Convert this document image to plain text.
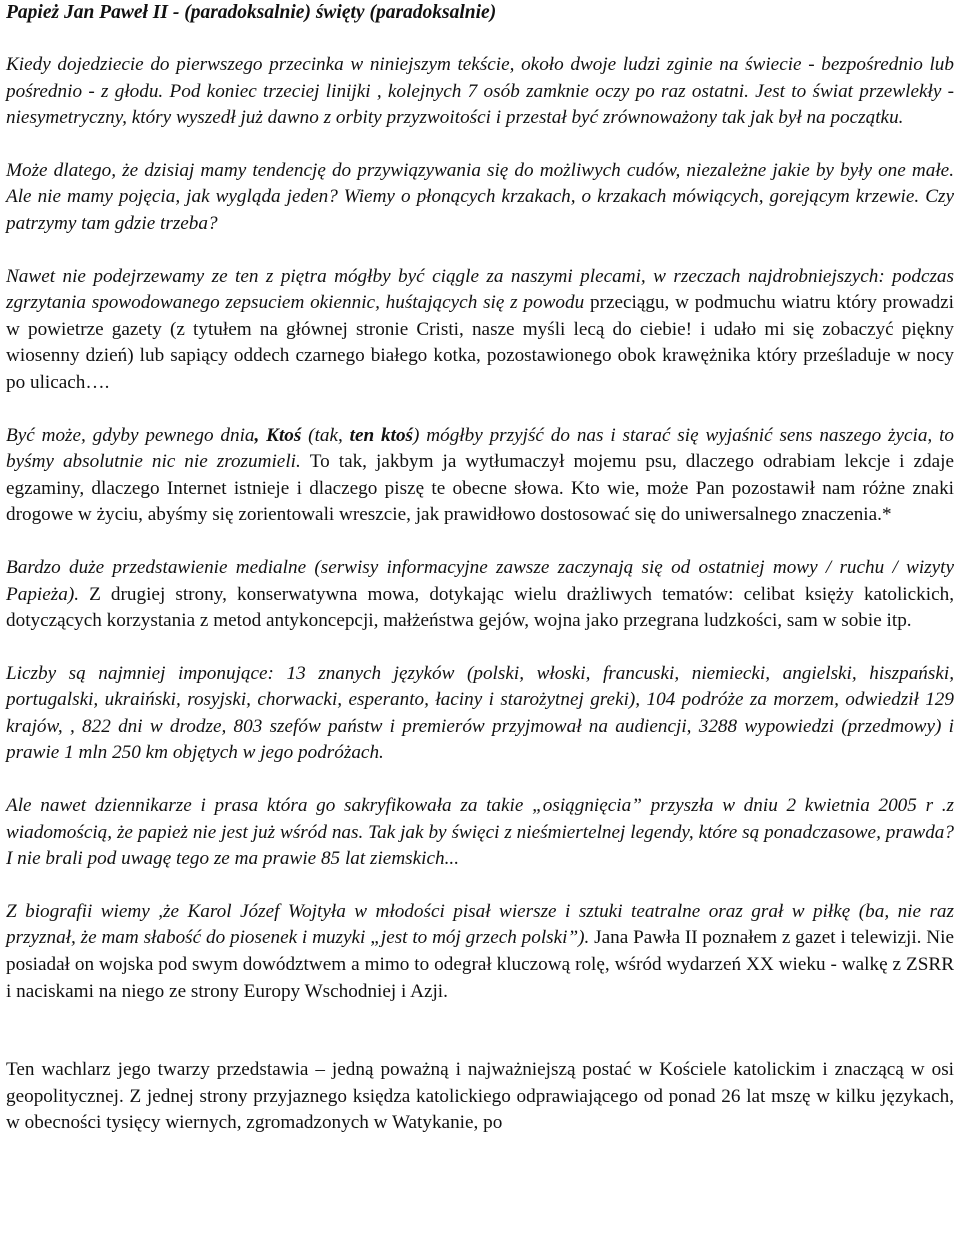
Papież Jan Paweł II - (paradoksalnie) święty (paradoksalnie)

Kiedy dojedziecie do pierwszego przecinka w niniejszym tekście, około dwoje ludzi zginie na świecie - bezpośrednio lub pośrednio - z głodu. Pod koniec trzeciej linijki , kolejnych 7 osób zamknie oczy po raz ostatni. Jest to świat przewlekły -niesymetryczny, który wyszedł już dawno z orbity przyzwoitości i przestał być zrównoważony tak jak był na początku.

Może dlatego, że dzisiaj mamy tendencję do przywiązywania się do możliwych cudów, niezależne jakie by były one małe. Ale nie mamy pojęcia, jak wygląda jeden? Wiemy o płonących krzakach, o krzakach mówiących, gorejącym krzewie. Czy patrzymy tam gdzie trzeba?

Nawet nie podejrzewamy ze ten z piętra mógłby być ciągle za naszymi plecami, w rzeczach najdrobniejszych: podczas zgrzytania spowodowanego zepsuciem okiennic, huśtających się z powodu przeciągu, w podmuchu wiatru który prowadzi w powietrze gazety (z tytułem na głównej stronie Cristi, nasze myśli lecą do ciebie! i udało mi się zobaczyć piękny wiosenny dzień) lub sapiący oddech czarnego białego kotka, pozostawionego obok krawężnika który prześladuje w nocy po ulicach….

Być może, gdyby pewnego dnia, Ktoś (tak, ten ktoś) mógłby przyjść do nas i starać się wyjaśnić sens naszego życia, to byśmy absolutnie nic nie zrozumieli. To tak, jakbym ja wytłumaczył mojemu psu, dlaczego odrabiam lekcje i zdaje egzaminy, dlaczego Internet istnieje i dlaczego piszę te obecne słowa. Kto wie, może Pan pozostawił nam różne znaki drogowe w życiu, abyśmy się zorientowali wreszcie, jak prawidłowo dostosować się do uniwersalnego znaczenia.*

Bardzo duże przedstawienie medialne (serwisy informacyjne zawsze zaczynają się od ostatniej mowy / ruchu / wizyty Papieża). Z drugiej strony, konserwatywna mowa, dotykając wielu drażliwych tematów: celibat księży katolickich, dotyczących korzystania z metod antykoncepcji, małżeństwa gejów, wojna jako przegrana ludzkości, sam w sobie itp.

Liczby są najmniej imponujące: 13 znanych języków (polski, włoski, francuski, niemiecki, angielski, hiszpański, portugalski, ukraiński, rosyjski, chorwacki, esperanto, łaciny i starożytnej greki), 104 podróże za morzem, odwiedził 129 krajów, , 822 dni w drodze, 803 szefów państw i premierów przyjmował na audiencji, 3288 wypowiedzi (przedmowy) i prawie 1 mln 250 km objętych w jego podróżach.

Ale nawet dziennikarze i prasa która go sakryfikowała za takie „osiągnięcia” przyszła w dniu 2 kwietnia 2005 r .z wiadomością, że papież nie jest już wśród nas. Tak jak by święci z nieśmiertelnej legendy, które są ponadczasowe, prawda? I nie brali pod uwagę tego ze ma prawie 85 lat ziemskich...

Z biografii wiemy ,że Karol Józef Wojtyła w młodości pisał wiersze i sztuki teatralne oraz grał w piłkę (ba, nie raz przyznał, że mam słabość do piosenek i muzyki „jest to mój grzech polski”). Jana Pawła II poznałem z gazet i telewizji. Nie posiadał on wojska pod swym dowództwem a mimo to odegrał kluczową rolę, wśród wydarzeń XX wieku - walkę z ZSRR i naciskami na niego ze strony Europy Wschodniej i Azji.

Ten wachlarz jego twarzy przedstawia – jedną poważną i najważniejszą postać w Kościele katolickim i znaczącą w osi geopolitycznej. Z jednej strony przyjaznego księdza katolickiego odprawiającego od ponad 26 lat mszę w kilku językach, w obecności tysięcy wiernych, zgromadzonych w Watykanie, po
